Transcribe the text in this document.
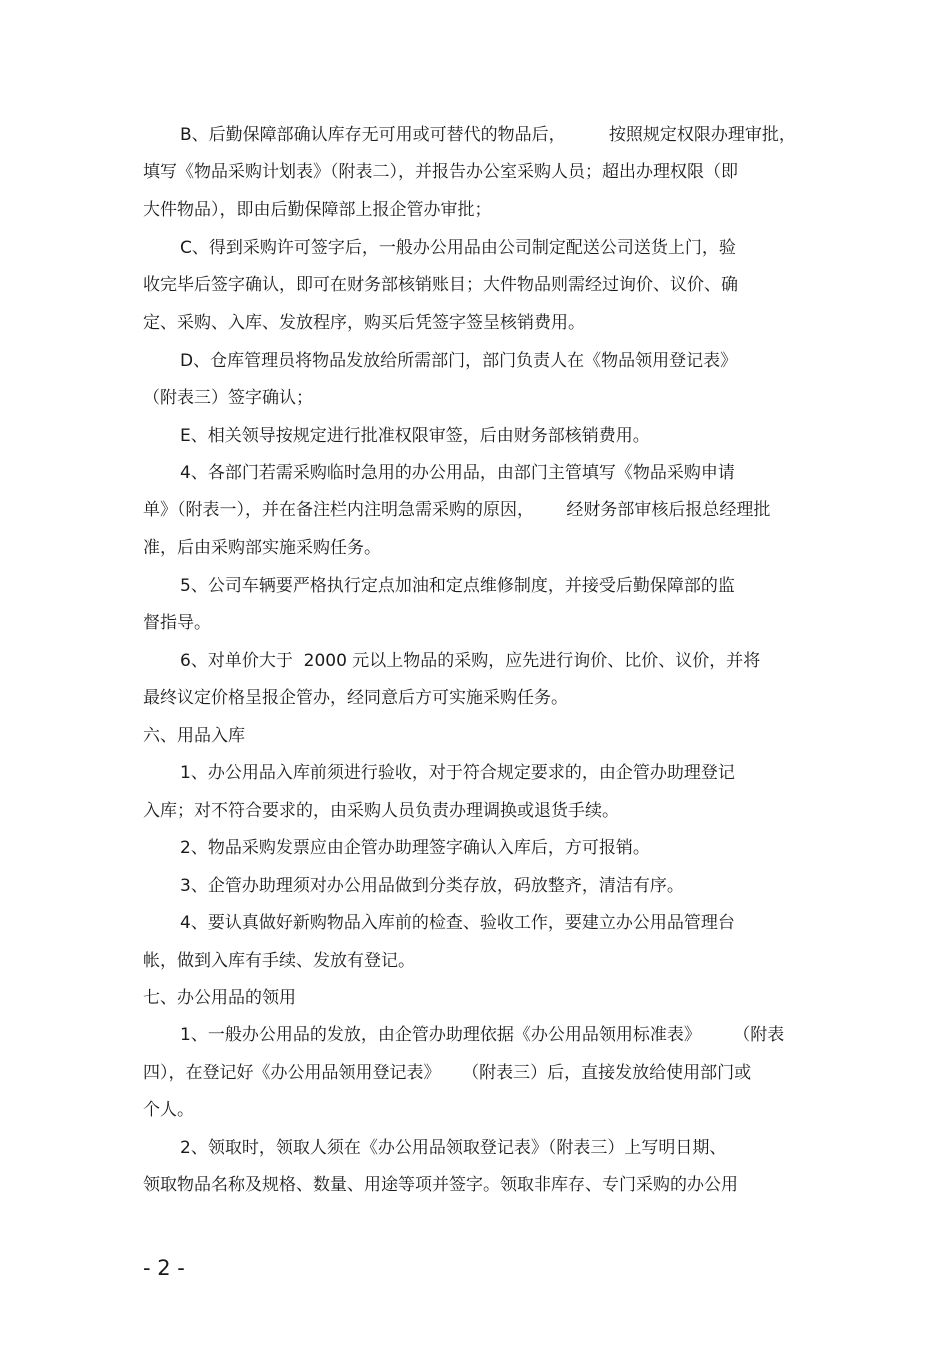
B、后勤保障部确认库存无可用或可替代的物品后，        按照规定权限办理审批，
填写《物品采购计划表》（附表二），并报告办公室采购人员；超出办理权限（即
大件物品），即由后勤保障部上报企管办审批；
C、得到采购许可签字后，一般办公用品由公司制定配送公司送货上门，验
收完毕后签字确认，即可在财务部核销账目；大件物品则需经过询价、议价、确
定、采购、入库、发放程序，购买后凭签字签呈核销费用。
D、仓库管理员将物品发放给所需部门，部门负责人在《物品领用登记表》
（附表三）签字确认；
E、相关领导按规定进行批准权限审签，后由财务部核销费用。
4、各部门若需采购临时急用的办公用品，由部门主管填写《物品采购申请
单》（附表一），并在备注栏内注明急需采购的原因，      经财务部审核后报总经理批
准，后由采购部实施采购任务。
5、公司车辆要严格执行定点加油和定点维修制度，并接受后勤保障部的监
督指导。
6、对单价大于  2000 元以上物品的采购，应先进行询价、比价、议价，并将
最终议定价格呈报企管办，经同意后方可实施采购任务。
六、用品入库
1、办公用品入库前须进行验收，对于符合规定要求的，由企管办助理登记
入库；对不符合要求的，由采购人员负责办理调换或退货手续。
2、物品采购发票应由企管办助理签字确认入库后，方可报销。
3、企管办助理须对办公用品做到分类存放，码放整齐，清洁有序。
4、要认真做好新购物品入库前的检查、验收工作，要建立办公用品管理台
帐，做到入库有手续、发放有登记。
七、办公用品的领用
1、一般办公用品的发放，由企管办助理依据《办公用品领用标准表》      （附表
四），在登记好《办公用品领用登记表》    （附表三）后，直接发放给使用部门或
个人。
2、领取时，领取人须在《办公用品领取登记表》（附表三）上写明日期、
领取物品名称及规格、数量、用途等项并签字。领取非库存、专门采购的办公用
- 2 -
